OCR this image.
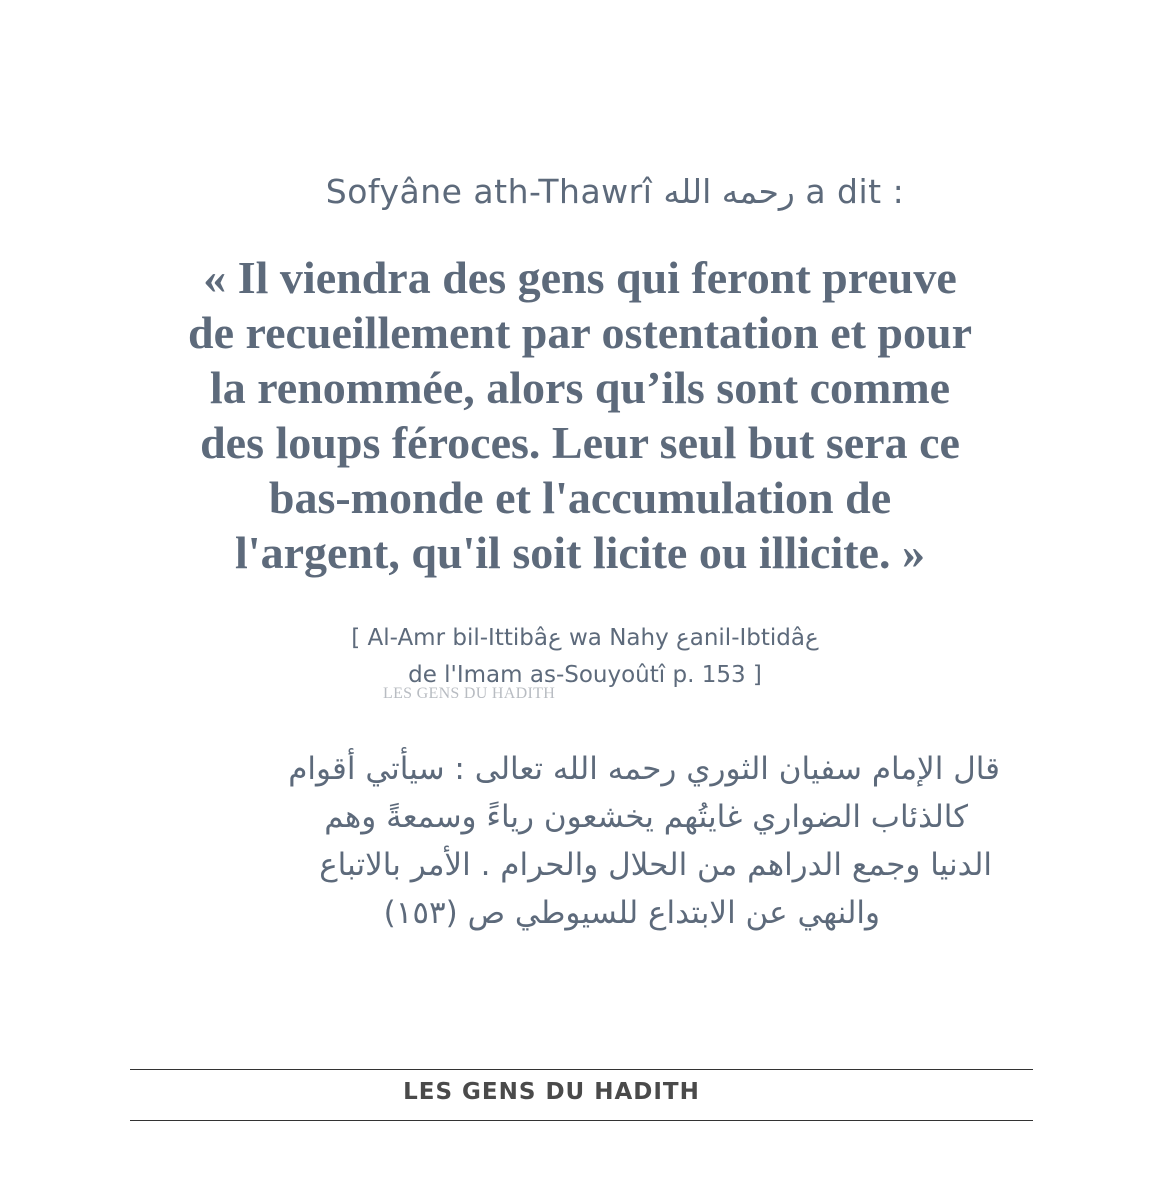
Sofyâne ath-Thawrî رحمه الله a dit :
« Il viendra des gens qui feront preuve
de recueillement par ostentation et pour
la renommée, alors qu’ils sont comme
des loups féroces. Leur seul but sera ce
bas-monde et l'accumulation de
l'argent, qu'il soit licite ou illicite. »
[ Al-Amr bil-Ittibâع wa Nahy عanil-Ibtidâع
de l'Imam as-Souyoûtî p. 153 ]
LES GENS DU HADITH
قال الإمام سفيان الثوري رحمه الله تعالى : سيأتي أقوام
كالذئاب الضواري غايتُهم يخشعون رياءً وسمعةً وهم
الدنيا وجمع الدراهم من الحلال والحرام . الأمر بالاتباع
والنهي عن الابتداع للسيوطي ص (١٥٣)
LES GENS DU HADITH
